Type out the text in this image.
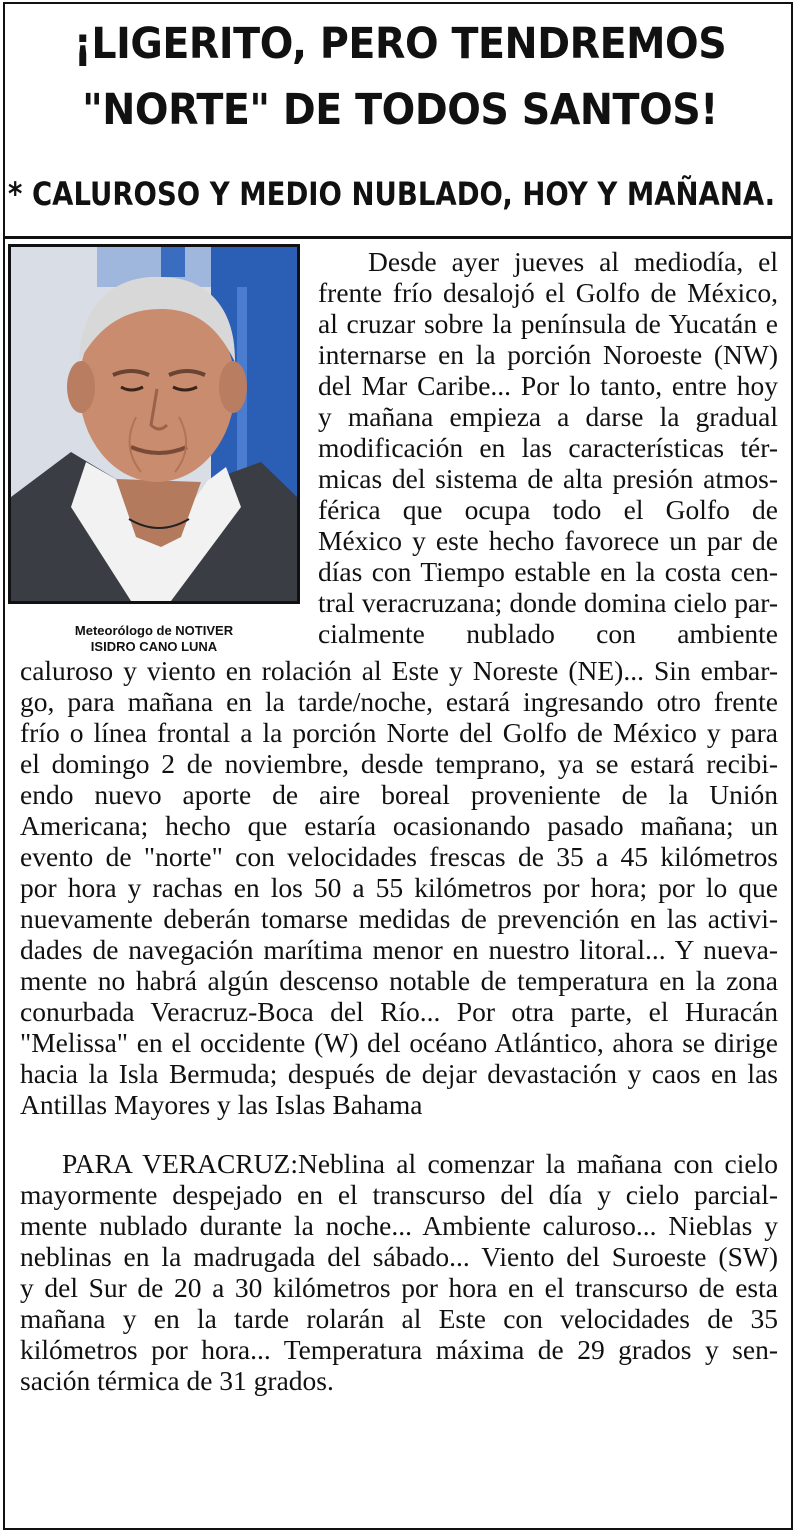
¡LIGERITO, PERO TENDREMOS
"NORTE" DE TODOS SANTOS!
* CALUROSO Y MEDIO NUBLADO, HOY Y MAÑANA.
Meteorólogo de NOTIVER
ISIDRO CANO LUNA

Desde ayer jueves al mediodía, el

frente frío desalojó el Golfo de México,

al cruzar sobre la península de Yucatán e

internarse en la porción Noroeste (NW)

del Mar Caribe... Por lo tanto, entre hoy

y mañana empieza a darse la gradual

modificación en las características tér-

micas del sistema de alta presión atmos-

férica que ocupa todo el Golfo de

México y este hecho favorece un par de

días con Tiempo estable en la costa cen-

tral veracruzana; donde domina cielo par-

cialmente nublado con ambiente

caluroso y viento en rolación al Este y Noreste (NE)... Sin embar-

go, para mañana en la tarde/noche, estará ingresando otro frente

frío o línea frontal a la porción Norte del Golfo de México y para

el domingo 2 de noviembre, desde temprano, ya se estará recibi-

endo nuevo aporte de aire boreal proveniente de la Unión

Americana; hecho que estaría ocasionando pasado mañana; un

evento de "norte" con velocidades frescas de 35 a 45 kilómetros

por hora y rachas en los 50 a 55 kilómetros por hora; por lo que

nuevamente deberán tomarse medidas de prevención en las activi-

dades de navegación marítima menor en nuestro litoral... Y nueva-

mente no habrá algún descenso notable de temperatura en la zona

conurbada Veracruz-Boca del Río... Por otra parte, el Huracán

"Melissa" en el occidente (W) del océano Atlántico, ahora se dirige

hacia la Isla Bermuda; después de dejar devastación y caos en las

Antillas Mayores y las Islas Bahama

PARA VERACRUZ:Neblina al comenzar la mañana con cielo

mayormente despejado en el transcurso del día y cielo parcial-

mente nublado durante la noche... Ambiente caluroso... Nieblas y

neblinas en la madrugada del sábado... Viento del Suroeste (SW)

y del Sur de 20 a 30 kilómetros por hora en el transcurso de esta

mañana y en la tarde rolarán al Este con velocidades de 35

kilómetros por hora... Temperatura máxima de 29 grados y sen-

sación térmica de 31 grados.
